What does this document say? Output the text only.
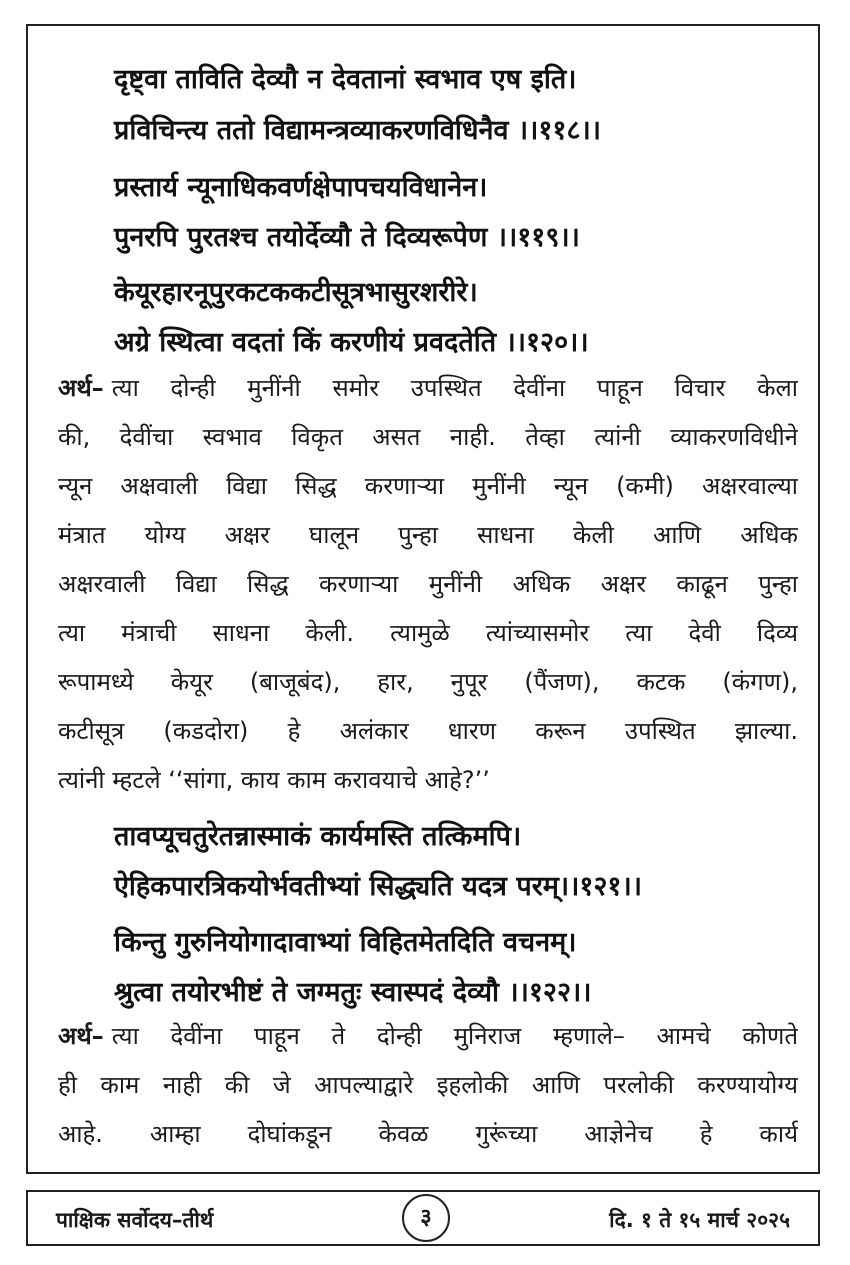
दृष्ट्वा ताविति देव्यौ न देवतानां स्वभाव एष इति।
प्रविचिन्त्य ततो विद्यामन्त्रव्याकरणविधिनैव ।।११८।।
प्रस्तार्य न्यूनाधिकवर्णक्षेपापचयविधानेन।
पुनरपि पुरतश्च तयोर्देव्यौ ते दिव्यरूपेण ।।११९।।
केयूरहारनूपुरकटककटीसूत्रभासुरशरीरे।
अग्रे स्थित्वा वदतां किं करणीयं प्रवदतेति ।।१२०।।
अर्थ– त्या दोन्ही मुनींनी समोर उपस्थित देवींना पाहून विचार केला
की, देवींचा स्वभाव विकृत असत नाही. तेव्हा त्यांनी व्याकरणविधीने
न्यून अक्षवाली विद्या सिद्ध करणाऱ्या मुनींनी न्यून (कमी) अक्षरवाल्या
मंत्रात योग्य अक्षर घालून पुन्हा साधना केली आणि अधिक
अक्षरवाली विद्या सिद्ध करणाऱ्या मुनींनी अधिक अक्षर काढून पुन्हा
त्या मंत्राची साधना केली. त्यामुळे त्यांच्यासमोर त्या देवी दिव्य
रूपामध्ये केयूर (बाजूबंद), हार, नुपूर (पैंजण), कटक (कंगण),
कटीसूत्र (कडदोरा) हे अलंकार धारण करून उपस्थित झाल्या.
त्यांनी म्हटले ‘‘सांगा, काय काम करावयाचे आहे?’’
तावप्यूचतुरेतन्नास्माकं कार्यमस्ति तत्किमपि।
ऐहिकपारत्रिकयोर्भवतीभ्यां सिद्ध्यति यदत्र परम्।।१२१।।
किन्तु गुरुनियोगादावाभ्यां विहितमेतदिति वचनम्।
श्रुत्वा तयोरभीष्टं ते जग्मतुः स्वास्पदं देव्यौ ।।१२२।।
अर्थ– त्या देवींना पाहून ते दोन्ही मुनिराज म्हणाले– आमचे कोणते
ही काम नाही की जे आपल्याद्वारे इहलोकी आणि परलोकी करण्यायोग्य
आहे. आम्हा दोघांकडून केवळ गुरूंच्या आज्ञेनेच हे कार्य
पाक्षिक सर्वोदय–तीर्थ	३	दि. १ ते १५ मार्च २०२५
